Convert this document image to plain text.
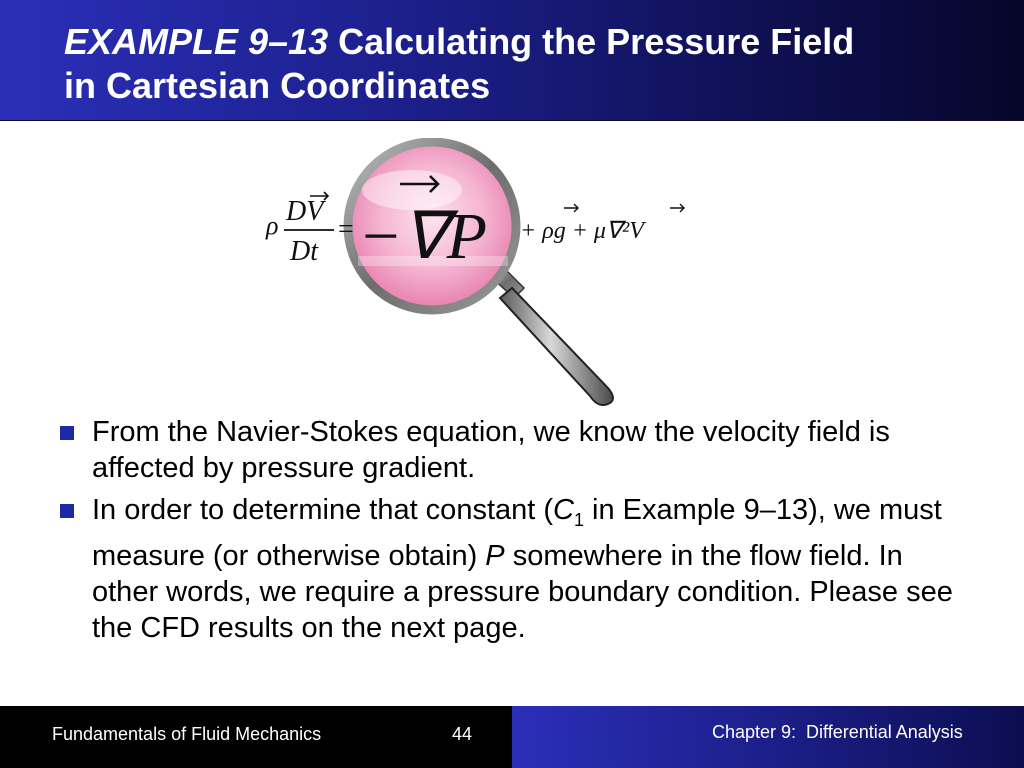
EXAMPLE 9–13 Calculating the Pressure Field
in Cartesian Coordinates
ρ DV
Dt
= −∇P + ρg + μ∇²V
From the Navier-Stokes equation, we know the velocity field is affected by pressure gradient.
In order to determine that constant ($C_1$ in Example 9–13), we must measure (or otherwise obtain) P somewhere in the flow field. In other words, we require a pressure boundary condition. Please see the CFD results on the next page.
Fundamentals of Fluid Mechanics	44	Chapter 9:  Differential Analysis
